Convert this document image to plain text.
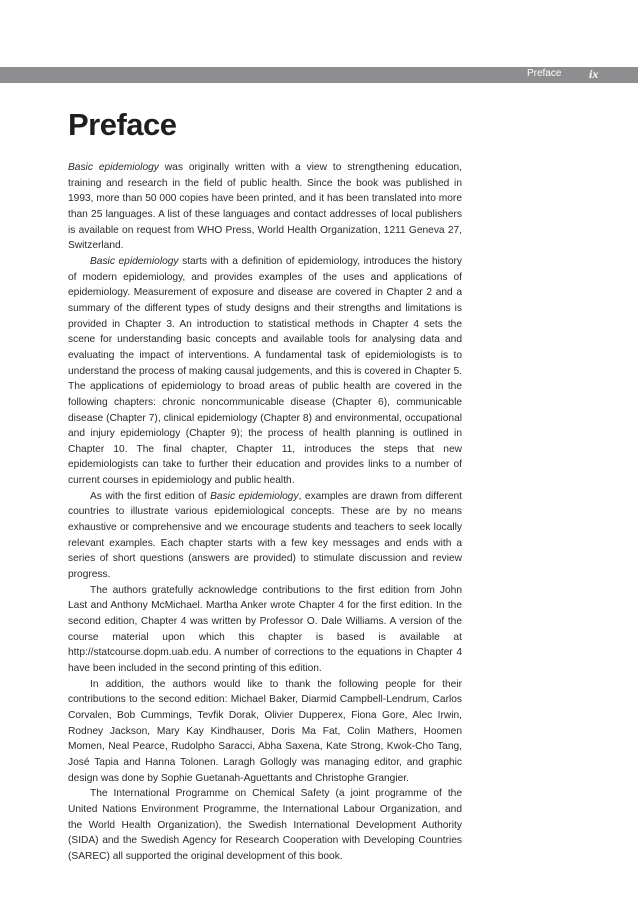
Preface ix
Preface

Basic epidemiology was originally written with a view to strengthening education, training and research in the field of public health. Since the book was published in 1993, more than 50 000 copies have been printed, and it has been translated into more than 25 languages. A list of these languages and contact addresses of local publishers is available on request from WHO Press, World Health Organization, 1211 Geneva 27, Switzerland.

Basic epidemiology starts with a definition of epidemiology, introduces the history of modern epidemiology, and provides examples of the uses and applications of epidemiology. Measurement of exposure and disease are covered in Chapter 2 and a summary of the different types of study designs and their strengths and limitations is provided in Chapter 3. An introduction to statistical methods in Chapter 4 sets the scene for understanding basic concepts and available tools for analysing data and evaluating the impact of interventions. A fundamental task of epidemiologists is to understand the process of making causal judgements, and this is covered in Chapter 5. The applications of epidemiology to broad areas of public health are covered in the following chapters: chronic noncommunicable disease (Chapter 6), communicable disease (Chapter 7), clinical epidemiology (Chapter 8) and environmental, occupational and injury epidemiology (Chapter 9); the process of health planning is outlined in Chapter 10. The final chapter, Chapter 11, introduces the steps that new epidemiologists can take to further their education and provides links to a number of current courses in epidemiology and public health.

As with the first edition of Basic epidemiology, examples are drawn from different countries to illustrate various epidemiological concepts. These are by no means exhaustive or comprehensive and we encourage students and teachers to seek locally relevant examples. Each chapter starts with a few key messages and ends with a series of short questions (answers are provided) to stimulate discussion and review progress.

The authors gratefully acknowledge contributions to the first edition from John Last and Anthony McMichael. Martha Anker wrote Chapter 4 for the first edition. In the second edition, Chapter 4 was written by Professor O. Dale Williams. A version of the course material upon which this chapter is based is available at http://statcourse.dopm.uab.edu. A number of corrections to the equations in Chapter 4 have been included in the second printing of this edition.

In addition, the authors would like to thank the following people for their contributions to the second edition: Michael Baker, Diarmid Campbell-Lendrum, Carlos Corvalen, Bob Cummings, Tevfik Dorak, Olivier Dupperex, Fiona Gore, Alec Irwin, Rodney Jackson, Mary Kay Kindhauser, Doris Ma Fat, Colin Mathers, Hoomen Momen, Neal Pearce, Rudolpho Saracci, Abha Saxena, Kate Strong, Kwok-Cho Tang, José Tapia and Hanna Tolonen. Laragh Gollogly was managing editor, and graphic design was done by Sophie Guetanah-Aguettants and Christophe Grangier.

The International Programme on Chemical Safety (a joint programme of the United Nations Environment Programme, the International Labour Organization, and the World Health Organization), the Swedish International Development Authority (SIDA) and the Swedish Agency for Research Cooperation with Developing Countries (SAREC) all supported the original development of this book.
